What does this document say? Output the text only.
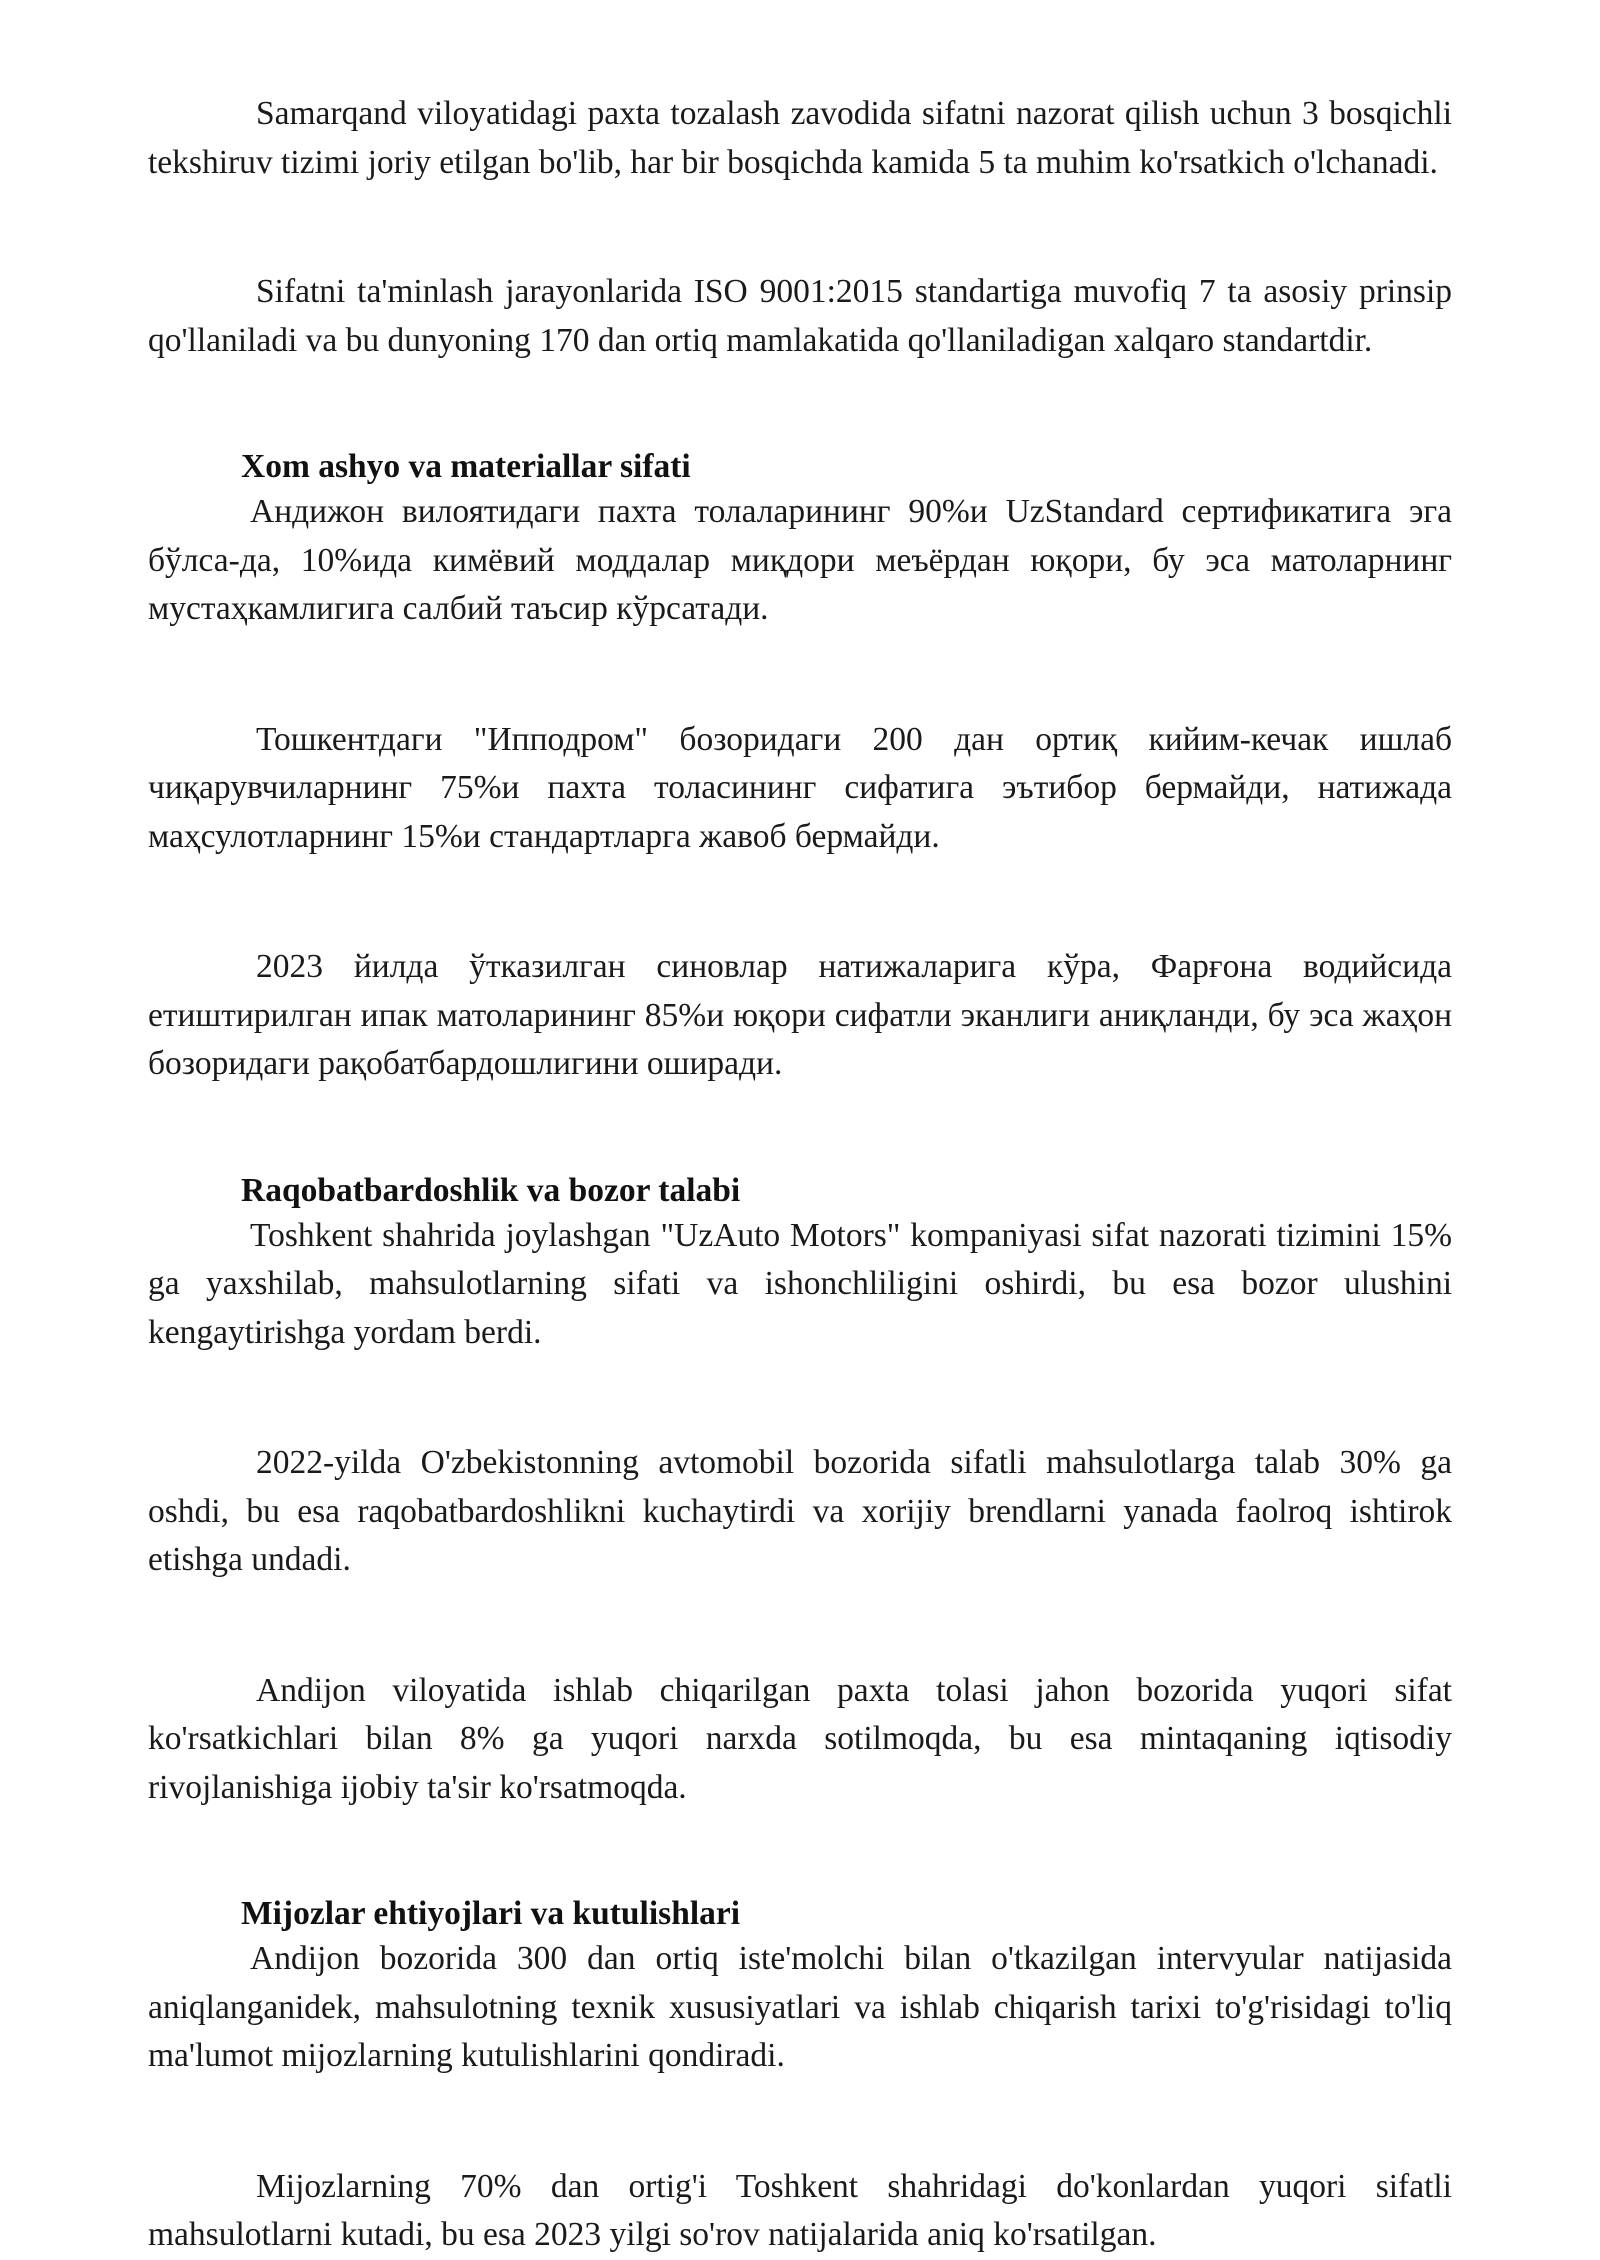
Samarqand viloyatidagi paxta tozalash zavodida sifatni nazorat qilish uchun 3 bosqichli tekshiruv tizimi joriy etilgan bo'lib, har bir bosqichda kamida 5 ta muhim ko'rsatkich o'lchanadi.

Sifatni ta'minlash jarayonlarida ISO 9001:2015 standartiga muvofiq 7 ta asosiy prinsip qo'llaniladi va bu dunyoning 170 dan ortiq mamlakatida qo'llaniladigan xalqaro standartdir.

Xom ashyo va materiallar sifati

Андижон вилоятидаги пахта толаларининг 90%и UzStandard сертификатига эга бўлса-да, 10%ида кимёвий моддалар миқдори меъёрдан юқори, бу эса матоларнинг мустаҳкамлигига салбий таъсир кўрсатади.

Тошкентдаги "Ипподром" бозоридаги 200 дан ортиқ кийим-кечак ишлаб чиқарувчиларнинг 75%и пахта толасининг сифатига эътибор бермайди, натижада маҳсулотларнинг 15%и стандартларга жавоб бермайди.

2023 йилда ўтказилган синовлар натижаларига кўра, Фарғона водийсида етиштирилган ипак матоларининг 85%и юқори сифатли эканлиги аниқланди, бу эса жаҳон бозоридаги рақобатбардошлигини оширади.

Raqobatbardoshlik va bozor talabi

Toshkent shahrida joylashgan "UzAuto Motors" kompaniyasi sifat nazorati tizimini 15% ga yaxshilab, mahsulotlarning sifati va ishonchliligini oshirdi, bu esa bozor ulushini kengaytirishga yordam berdi.

2022-yilda O'zbekistonning avtomobil bozorida sifatli mahsulotlarga talab 30% ga oshdi, bu esa raqobatbardoshlikni kuchaytirdi va xorijiy brendlarni yanada faolroq ishtirok etishga undadi.

Andijon viloyatida ishlab chiqarilgan paxta tolasi jahon bozorida yuqori sifat ko'rsatkichlari bilan 8% ga yuqori narxda sotilmoqda, bu esa mintaqaning iqtisodiy rivojlanishiga ijobiy ta'sir ko'rsatmoqda.

Mijozlar ehtiyojlari va kutulishlari

Andijon bozorida 300 dan ortiq iste'molchi bilan o'tkazilgan intervyular natijasida aniqlanganidek, mahsulotning texnik xususiyatlari va ishlab chiqarish tarixi to'g'risidagi to'liq ma'lumot mijozlarning kutulishlarini qondiradi.

Mijozlarning 70% dan ortig'i Toshkent shahridagi do'konlardan yuqori sifatli mahsulotlarni kutadi, bu esa 2023 yilgi so'rov natijalarida aniq ko'rsatilgan.
